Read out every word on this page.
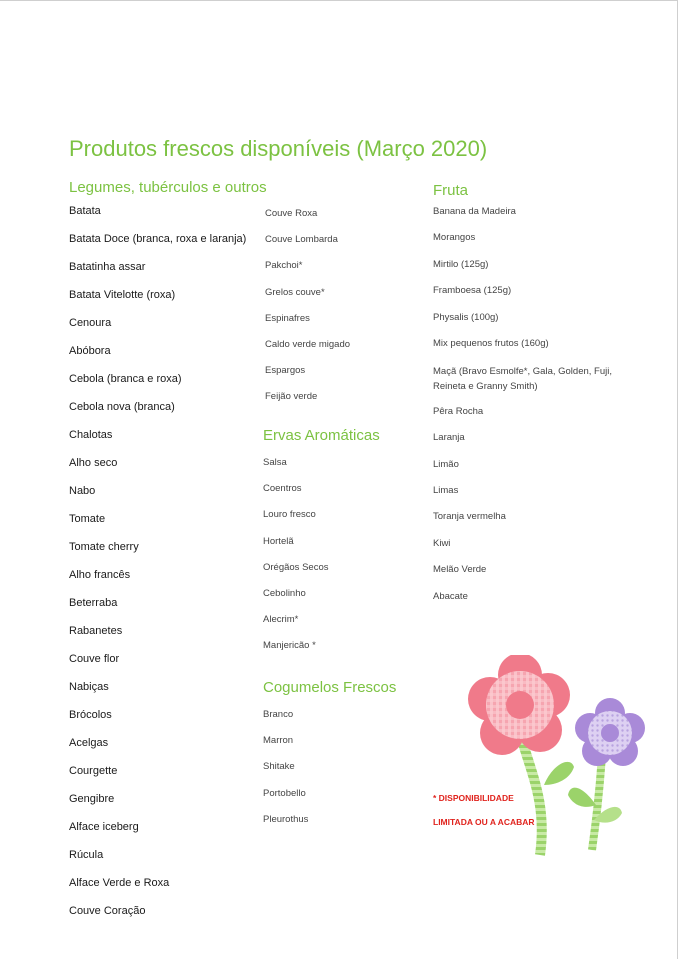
Produtos frescos disponíveis (Março 2020)
Legumes, tubérculos e outros
Batata
Batata Doce (branca, roxa e laranja)
Batatinha assar
Batata Vitelotte (roxa)
Cenoura
Abóbora
Cebola (branca e roxa)
Cebola nova (branca)
Chalotas
Alho seco
Nabo
Tomate
Tomate cherry
Alho francês
Beterraba
Rabanetes
Couve flor
Nabiças
Brócolos
Acelgas
Courgette
Gengibre
Alface iceberg
Rúcula
Alface Verde e Roxa
Couve Coração
Couve Roxa
Couve Lombarda
Pakchoi*
Grelos couve*
Espinafres
Caldo verde migado
Espargos
Feijão verde
Ervas Aromáticas
Salsa
Coentros
Louro fresco
Hortelã
Orégãos Secos
Cebolinho
Alecrim*
Manjericão *
Cogumelos Frescos
Branco
Marron
Shitake
Portobello
Pleurothus
Fruta
Banana da Madeira
Morangos
Mirtilo (125g)
Framboesa (125g)
Physalis (100g)
Mix pequenos frutos (160g)
Maçã (Bravo Esmolfe*, Gala, Golden, Fuji, Reineta e Granny Smith)
Pêra Rocha
Laranja
Limão
Limas
Toranja vermelha
Kiwi
Melão Verde
Abacate
* DISPONIBILIDADE
LIMITADA OU A ACABAR
